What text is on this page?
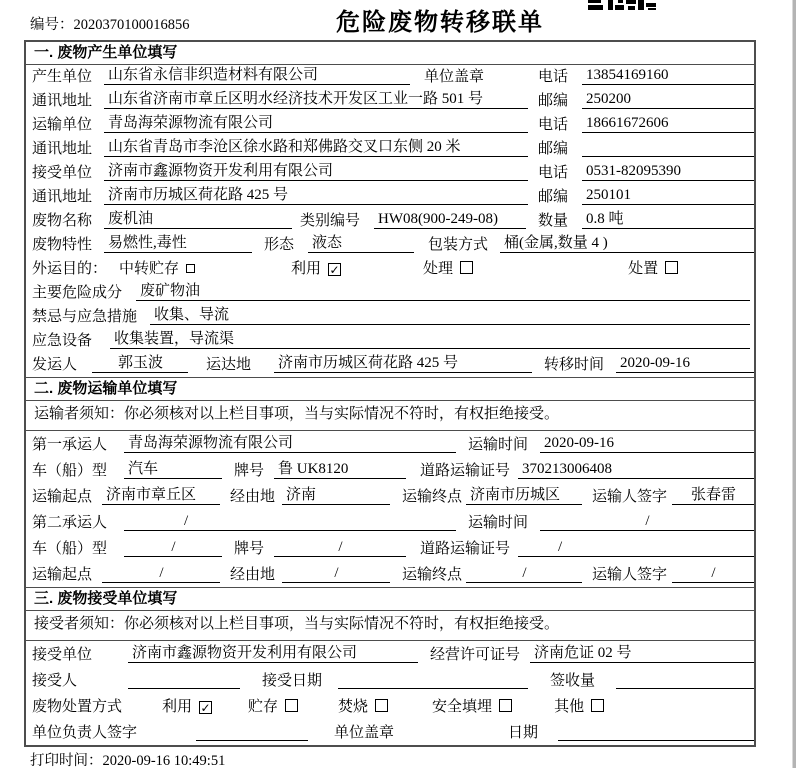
编号：2020370100016856	危险废物转移联单
一. 废物产生单位填写
产生单位	山东省永信非织造材料有限公司	单位盖章	电话	13854169160
通讯地址	山东省济南市章丘区明水经济技术开发区工业一路 501 号	邮编	250200
运输单位	青岛海荣源物流有限公司	电话	18661672606
通讯地址	山东省青岛市李沧区徐水路和郑佛路交叉口东侧 20 米	邮编
接受单位	济南市鑫源物资开发利用有限公司	电话	0531-82095390
通讯地址	济南市历城区荷花路 425 号	邮编	250101
废物名称	废机油	类别编号	HW08(900-249-08)	数量	0.8 吨
废物特性	易燃性,毒性	形态	液态	包装方式	桶(金属,数量 4 )
外运目的： 中转贮存	利用 ✓	处理	处置
主要危险成分	废矿物油
禁忌与应急措施	收集、导流
应急设备	收集装置，导流渠
发运人	郭玉波	运达地	济南市历城区荷花路 425 号	转移时间	2020-09-16
二. 废物运输单位填写
运输者须知：你必须核对以上栏目事项，当与实际情况不符时，有权拒绝接受。
第一承运人	青岛海荣源物流有限公司	运输时间	2020-09-16
车（船）型	汽车	牌号 鲁 UK8120	道路运输证号 370213006408
运输起点 济南市章丘区	经由地 济南	运输终点 济南市历城区	运输人签字	张春雷
第二承运人	/	运输时间	/
车（船）型	/	牌号	/	道路运输证号	/
运输起点	/	经由地	/	运输终点	/	运输人签字	/
三. 废物接受单位填写
接受者须知：你必须核对以上栏目事项，当与实际情况不符时，有权拒绝接受。
接受单位	济南市鑫源物资开发利用有限公司	经营许可证号 济南危证 02 号
接受人	接受日期	签收量
废物处置方式	利用 ✓ 贮存	焚烧	安全填埋	其他
单位负责人签字	单位盖章	日期
打印时间：2020-09-16 10:49:51
